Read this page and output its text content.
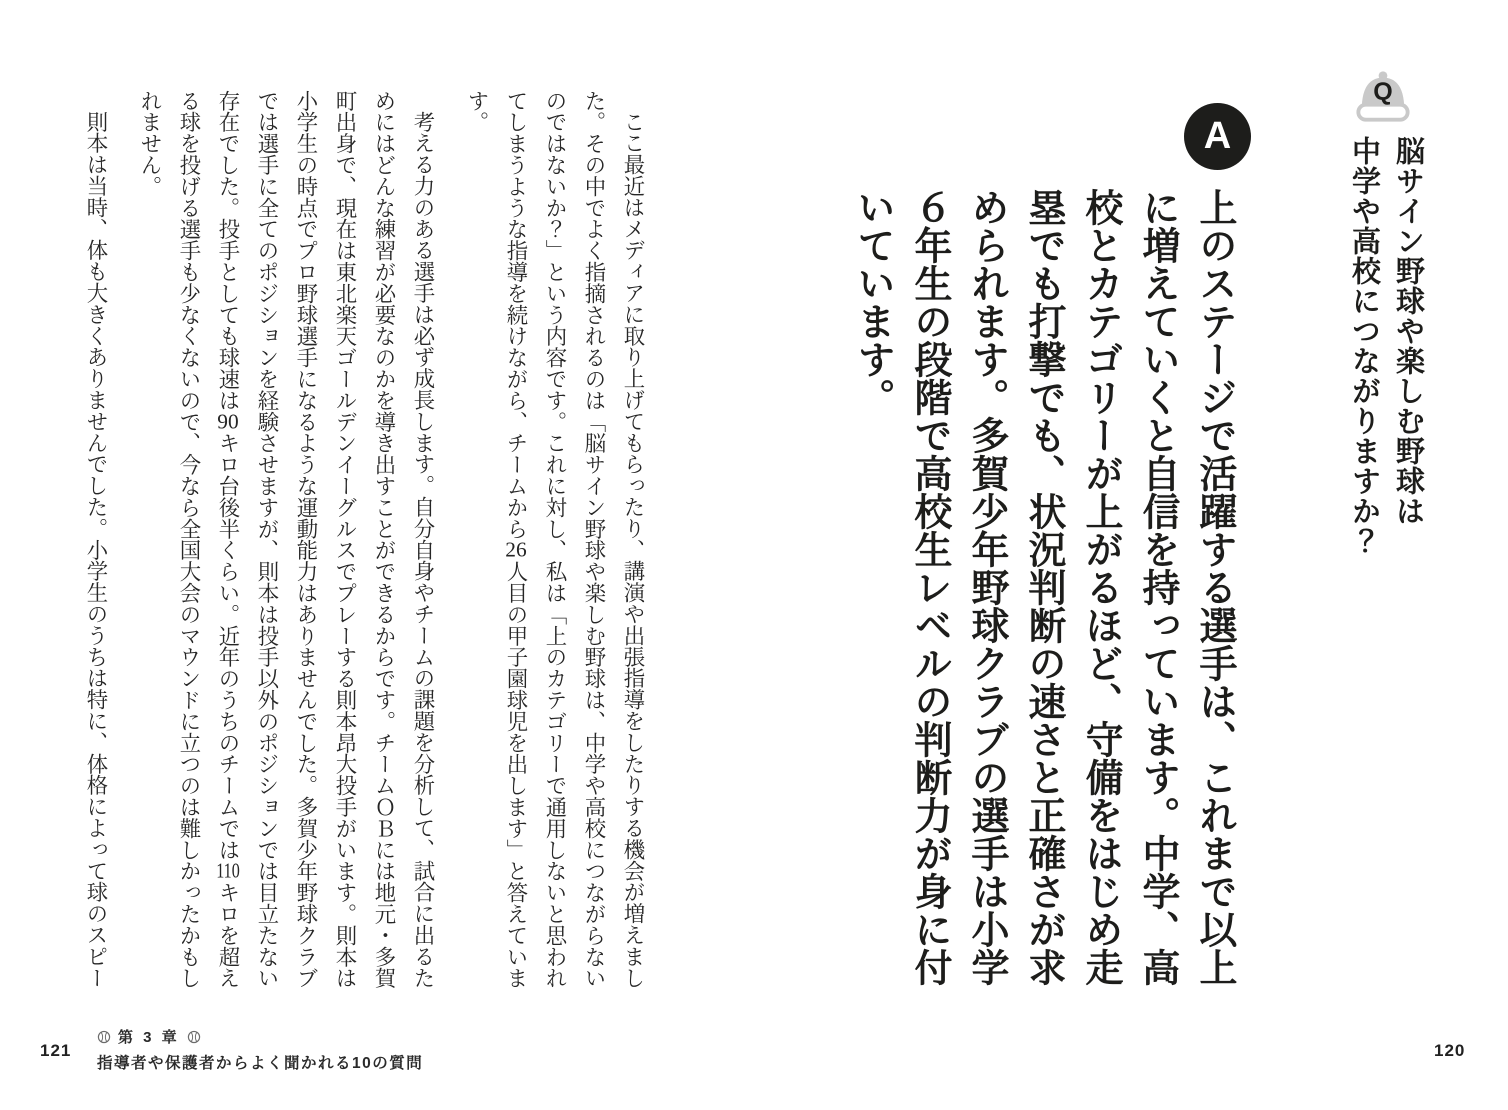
Q
脳サイン野球や楽しむ野球は
中学や高校につながりますか？
A
上のステージで活躍する選手は、これまで以上に増えていくと自信を持っています。中学、高校とカテゴリーが上がるほど、守備をはじめ走塁でも打撃でも、状況判断の速さと正確さが求められます。多賀少年野球クラブの選手は小学６年生の段階で高校生レベルの判断力が身に付いています。
120

ここ最近はメディアに取り上げてもらったり、講演や出張指導をしたりする機会が増えました。その中でよく指摘されるのは「脳サイン野球や楽しむ野球は、中学や高校につながらないのではないか？」という内容です。これに対し、私は「上のカテゴリーで通用しないと思われてしまうような指導を続けながら、チームから26人目の甲子園球児を出します」と答えています。

考える力のある選手は必ず成長します。自分自身やチームの課題を分析して、試合に出るためにはどんな練習が必要なのかを導き出すことができるからです。チームＯＢには地元・多賀町出身で、現在は東北楽天ゴールデンイーグルスでプレーする則本昂大投手がいます。則本は小学生の時点でプロ野球選手になるような運動能力はありませんでした。多賀少年野球クラブでは選手に全てのポジションを経験させますが、則本は投手以外のポジションでは目立たない存在でした。投手としても球速は90キロ台後半くらい。近年のうちのチームでは110キロを超える球を投げる選手も少なくないので、今なら全国大会のマウンドに立つのは難しかったかもしれません。

則本は当時、体も大きくありませんでした。小学生のうちは特に、体格によって球のスピー

121
第 3 章
指導者や保護者からよく聞かれる10の質問
